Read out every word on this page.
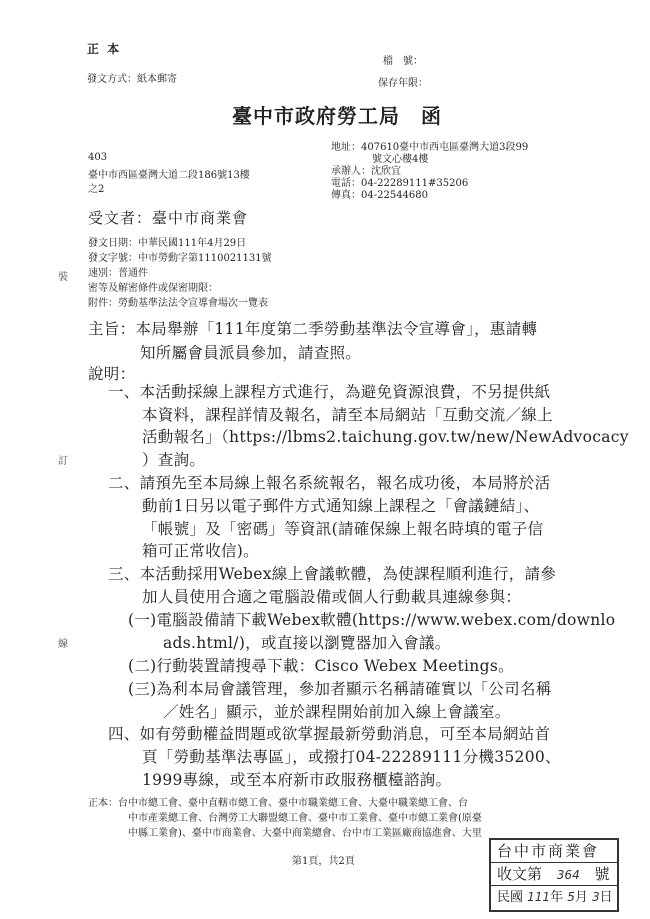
正 本
發文方式：紙本郵寄
檔　號：
保存年限：
臺中市政府勞工局　函
403
臺中市西區臺灣大道二段186號13樓
之2
地址：407610臺中市西屯區臺灣大道3段99
號文心樓4樓
承辦人：沈欣宜
電話：04-22289111#35206
傳真：04-22544680
受文者：臺中市商業會
發文日期：中華民國111年4月29日
發文字號：中市勞動字第1110021131號
速別：普通件
密等及解密條件或保密期限：
附件：勞動基準法法令宣導會場次一覽表
裝
訂
線
主旨：本局舉辦「111年度第二季勞動基準法令宣導會」，惠請轉
知所屬會員派員參加，請查照。
說明：
一、本活動採線上課程方式進行，為避免資源浪費，不另提供紙
本資料，課程詳情及報名，請至本局網站「互動交流／線上
活動報名」（https://lbms2.taichung.gov.tw/new/NewAdvocacy
）查詢。
二、請預先至本局線上報名系統報名，報名成功後，本局將於活
動前1日另以電子郵件方式通知線上課程之「會議鏈結」、
「帳號」及「密碼」等資訊(請確保線上報名時填的電子信
箱可正常收信)。
三、本活動採用Webex線上會議軟體，為使課程順利進行，請參
加人員使用合適之電腦設備或個人行動載具連線參與：
(一)電腦設備請下載Webex軟體(https://www.webex.com/downlo
ads.html/)，或直接以瀏覽器加入會議。
(二)行動裝置請搜尋下載：Cisco Webex Meetings。
(三)為利本局會議管理，參加者顯示名稱請確實以「公司名稱
／姓名」顯示，並於課程開始前加入線上會議室。
四、如有勞動權益問題或欲掌握最新勞動消息，可至本局網站首
頁「勞動基準法專區」，或撥打04-22289111分機35200、
1999專線，或至本府新市政服務櫃檯諮詢。
正本：台中市總工會、臺中直轄市總工會、臺中市職業總工會、大臺中職業總工會、台
中市產業總工會、台灣勞工大聯盟總工會、臺中市工業會、臺中市總工業會(原臺
中縣工業會)、臺中市商業會、大臺中商業總會、台中市工業區廠商協進會、大里
第1頁，共2頁
台中市商業會
收文第 364 號
民國 111年 5月 3日
